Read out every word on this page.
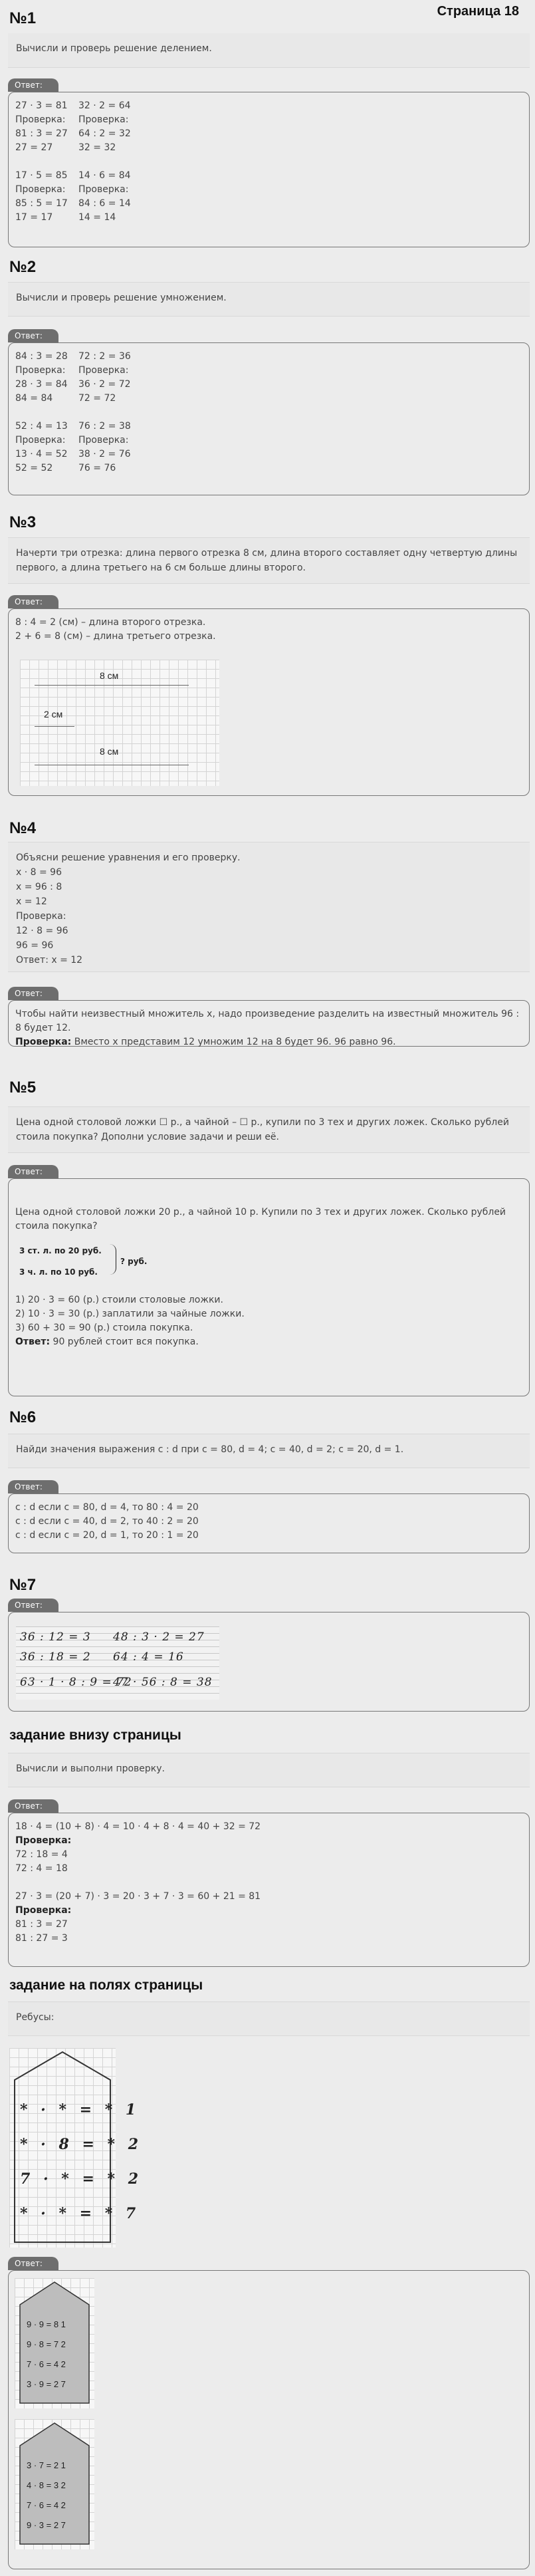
Страница 18
№1
Вычисли и проверь решение делением.
Ответ:
27 · 3 = 81	32 · 2 = 64
Проверка:	Проверка:
81 : 3 = 27	64 : 2 = 32
27 = 27	32 = 32
17 · 5 = 85	14 · 6 = 84
Проверка:	Проверка:
85 : 5 = 17	84 : 6 = 14
17 = 17	14 = 14
№2
Вычисли и проверь решение умножением.
Ответ:
84 : 3 = 28	72 : 2 = 36
Проверка:	Проверка:
28 · 3 = 84	36 · 2 = 72
84 = 84	72 = 72
52 : 4 = 13	76 : 2 = 38
Проверка:	Проверка:
13 · 4 = 52	38 · 2 = 76
52 = 52	76 = 76
№3
Начерти три отрезка: длина первого отрезка 8 см, длина второго составляет одну четвертую длины первого, а длина третьего на 6 см больше длины второго.
Ответ:
8 : 4 = 2 (см) – длина второго отрезка.
2 + 6 = 8 (см) – длина третьего отрезка.
8 см
2 см
8 см
№4
Объясни решение уравнения и его проверку.
x · 8 = 96
x = 96 : 8
x = 12
Проверка:
12 · 8 = 96
96 = 96
Ответ: x = 12
Ответ:
Чтобы найти неизвестный множитель x, надо произведение разделить на известный множитель 96 : 8 будет 12.
Проверка: Вместо x представим 12 умножим 12 на 8 будет 96. 96 равно 96.
№5
Цена одной столовой ложки ☐ р., а чайной – ☐ р., купили по 3 тех и других ложек. Сколько рублей стоила покупка? Дополни условие задачи и реши её.
Ответ:
Цена одной столовой ложки 20 р., а чайной 10 р. Купили по 3 тех и других ложек. Сколько рублей стоила покупка?
3 ст. л. по 20 руб.
3 ч. л. по 10 руб.
? руб.
1) 20 · 3 = 60 (р.) стоили столовые ложки.
2) 10 · 3 = 30 (р.) заплатили за чайные ложки.
3) 60 + 30 = 90 (р.) стоила покупка.
Ответ: 90 рублей стоит вся покупка.
№6
Найди значения выражения c : d при c = 80, d = 4; c = 40, d = 2; c = 20, d = 1.
Ответ:
c : d если c = 80, d = 4, то 80 : 4 = 20
c : d если c = 40, d = 2, то 40 : 2 = 20
c : d если c = 20, d = 1, то 20 : 1 = 20
№7
Ответ:
36 : 12 = 3 48 : 3 · 2 = 27
36 : 18 = 2 64 : 4 = 16
63 · 1 · 8 : 9 = 72
47 · 56 : 8 = 38
задание внизу страницы
Вычисли и выполни проверку.
Ответ:
18 · 4 = (10 + 8) · 4 = 10 · 4 + 8 · 4 = 40 + 32 = 72
Проверка:
72 : 18 = 4
72 : 4 = 18
27 · 3 = (20 + 7) · 3 = 20 · 3 + 7 · 3 = 60 + 21 = 81
Проверка:
81 : 3 = 27
81 : 27 = 3
задание на полях страницы
Ребусы:
* · * = * 1
* · 8 = * 2
7 · * = * 2
* · * = * 7
Ответ:
9 · 9 = 8 1
9 · 8 = 7 2
7 · 6 = 4 2
3 · 9 = 2 7
3 · 7 = 2 1
4 · 8 = 3 2
7 · 6 = 4 2
9 · 3 = 2 7
